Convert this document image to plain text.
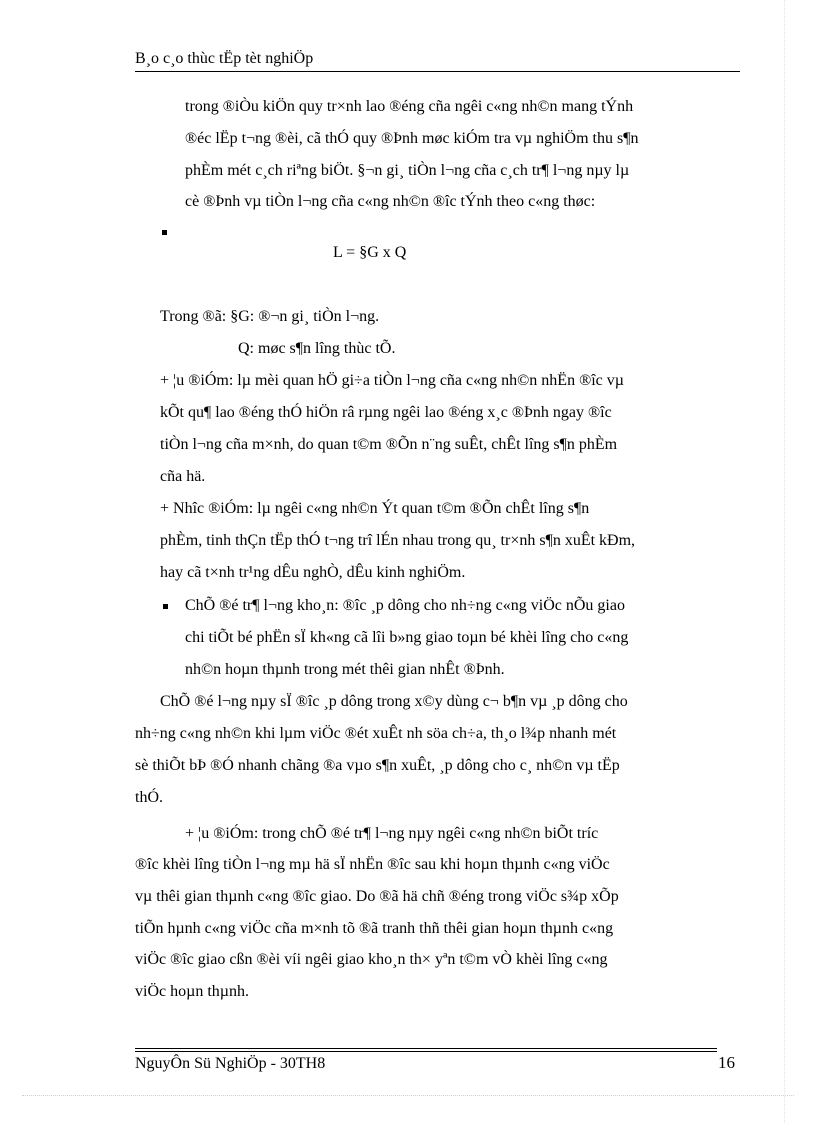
B¸o c¸o thùc tËp tèt nghiÖp
trong ®iÒu kiÖn quy tr×nh lao ®éng cña ngêi c«ng nh©n mang tÝnh
®éc lËp t¬ng ®èi, cã thÓ quy ®Þnh møc kiÓm tra vµ nghiÖm thu s¶n
phÈm mét c¸ch riªng biÖt. §¬n gi¸ tiÒn l¬ng cña c¸ch tr¶ l¬ng nµy lµ
cè ®Þnh vµ tiÒn l¬ng cña c«ng nh©n ®îc tÝnh theo c«ng thøc:
L = §G x Q
Trong ®ã: §G: ®¬n gi¸ tiÒn l¬ng.
Q: møc s¶n lîng thùc tÕ.
+ ¦u ®iÓm: lµ mèi quan hÖ gi÷a tiÒn l¬ng cña c«ng nh©n nhËn ®îc vµ
kÕt qu¶ lao ®éng thÓ hiÖn râ rµng ngêi lao ®éng x¸c ®Þnh ngay ®îc
tiÒn l¬ng cña m×nh, do quan t©m ®Õn n¨ng suÊt, chÊt lîng s¶n phÈm
cña hä.
+ Nhîc ®iÓm: lµ ngêi c«ng nh©n Ýt quan t©m ®Õn chÊt lîng s¶n
phÈm, tinh thÇn tËp thÓ t¬ng trî lÉn nhau trong qu¸ tr×nh s¶n xuÊt kÐm,
hay cã t×nh tr¹ng dÊu nghÒ, dÊu kinh nghiÖm.
ChÕ ®é tr¶ l¬ng kho¸n: ®îc ¸p dông cho nh÷ng c«ng viÖc nÕu giao
chi tiÕt bé phËn sÏ kh«ng cã lîi b»ng giao toµn bé khèi lîng cho c«ng
nh©n hoµn thµnh trong mét thêi gian nhÊt ®Þnh.
ChÕ ®é l¬ng nµy sÏ ®îc ¸p dông trong x©y dùng c¬ b¶n vµ ¸p dông cho
nh÷ng c«ng nh©n khi lµm viÖc ®ét xuÊt nh söa ch÷a, th¸o l¾p nhanh mét
sè thiÕt bÞ ®Ó nhanh chãng ®a vµo s¶n xuÊt, ¸p dông cho c¸ nh©n vµ tËp
thÓ.
+ ¦u ®iÓm: trong chÕ ®é tr¶ l¬ng nµy ngêi c«ng nh©n biÕt tríc
®îc khèi lîng tiÒn l¬ng mµ hä sÏ nhËn ®îc sau khi hoµn thµnh c«ng viÖc
vµ thêi gian thµnh c«ng ®îc giao. Do ®ã hä chñ ®éng trong viÖc s¾p xÕp
tiÕn hµnh c«ng viÖc cña m×nh tõ ®ã tranh thñ thêi gian hoµn thµnh c«ng
viÖc ®îc giao cßn ®èi víi ngêi giao kho¸n th× yªn t©m vÒ khèi lîng c«ng
viÖc hoµn thµnh.
NguyÔn Sü NghiÖp - 30TH8	16
